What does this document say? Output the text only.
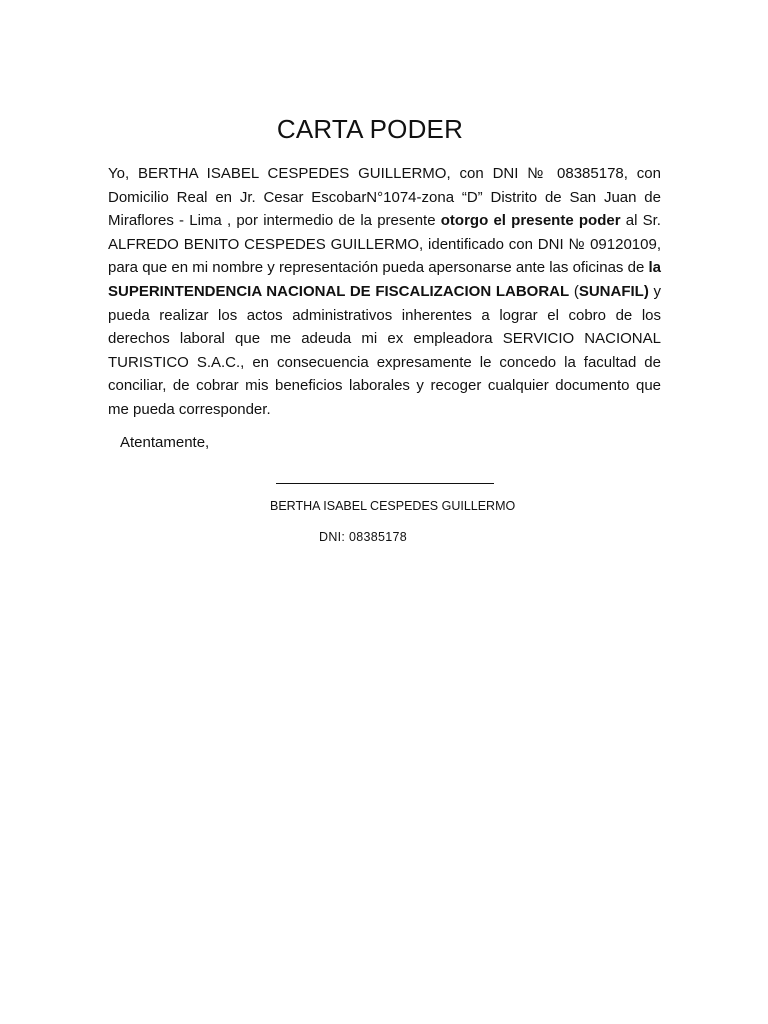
CARTA PODER

Yo, BERTHA ISABEL CESPEDES GUILLERMO, con DNI № 08385178, con Domicilio Real en Jr. Cesar EscobarN°1074-zona “D” Distrito de San Juan de Miraflores - Lima , por intermedio de la presente otorgo el presente poder al Sr. ALFREDO BENITO CESPEDES GUILLERMO, identificado con DNI № 09120109, para que en mi nombre y representación pueda apersonarse ante las oficinas de la SUPERINTENDENCIA NACIONAL DE FISCALIZACION LABORAL (SUNAFIL) y pueda realizar los actos administrativos inherentes a lograr el cobro de los derechos laboral que me adeuda mi ex empleadora SERVICIO NACIONAL TURISTICO S.A.C., en consecuencia expresamente le concedo la facultad de conciliar, de cobrar mis beneficios laborales y recoger cualquier documento que me pueda corresponder.

Atentamente,

BERTHA ISABEL CESPEDES GUILLERMO

DNI: 08385178
